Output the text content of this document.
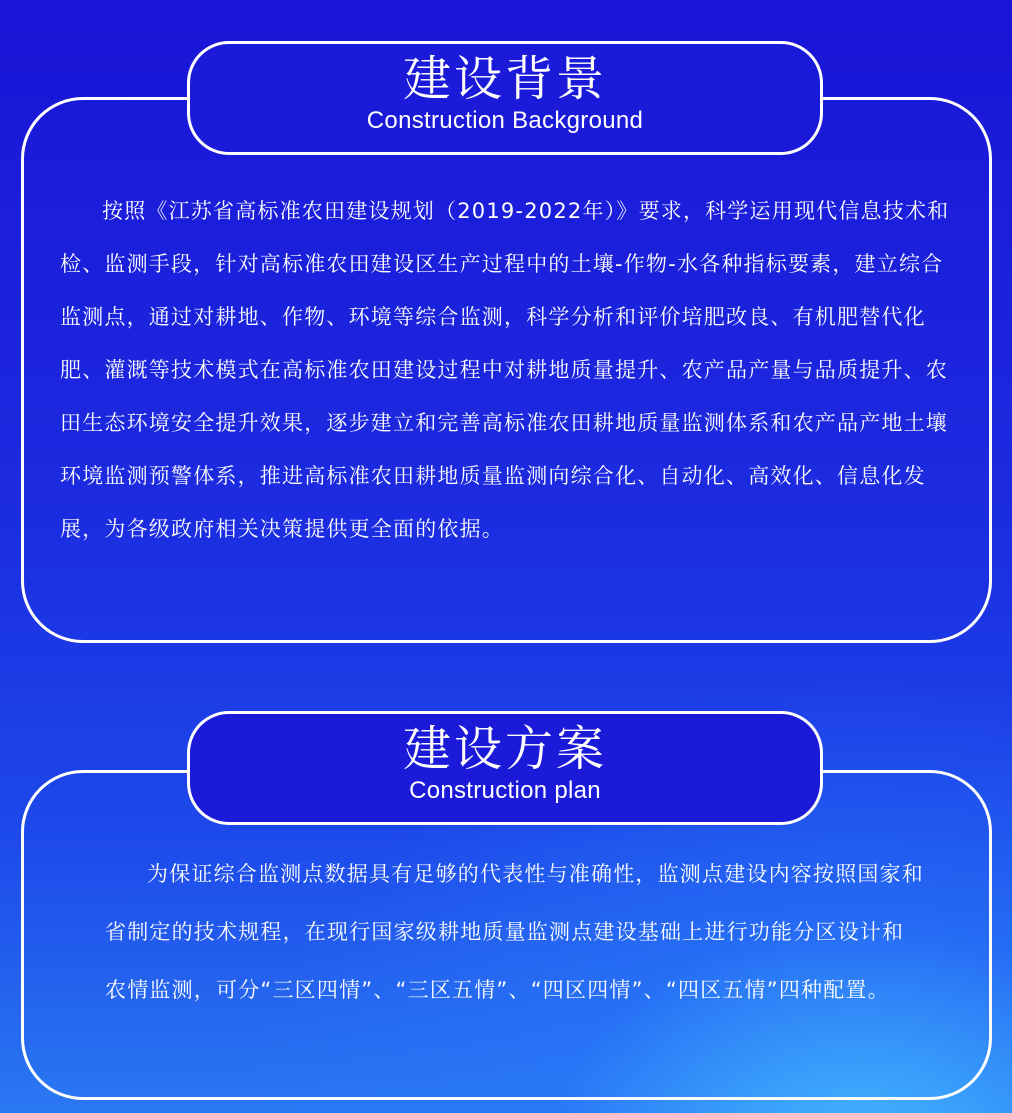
建设背景
Construction Background

按照《江苏省高标准农田建设规划（2019-2022年）》要求，科学运用现代信息技术和检、监测手段，针对高标准农田建设区生产过程中的土壤-作物-水各种指标要素，建立综合监测点，通过对耕地、作物、环境等综合监测，科学分析和评价培肥改良、有机肥替代化肥、灌溉等技术模式在高标准农田建设过程中对耕地质量提升、农产品产量与品质提升、农田生态环境安全提升效果，逐步建立和完善高标准农田耕地质量监测体系和农产品产地土壤环境监测预警体系，推进高标准农田耕地质量监测向综合化、自动化、高效化、信息化发展，为各级政府相关决策提供更全面的依据。

建设方案
Construction plan

为保证综合监测点数据具有足够的代表性与准确性，监测点建设内容按照国家和省制定的技术规程，在现行国家级耕地质量监测点建设基础上进行功能分区设计和农情监测，可分“三区四情”、“三区五情”、“四区四情”、“四区五情”四种配置。
